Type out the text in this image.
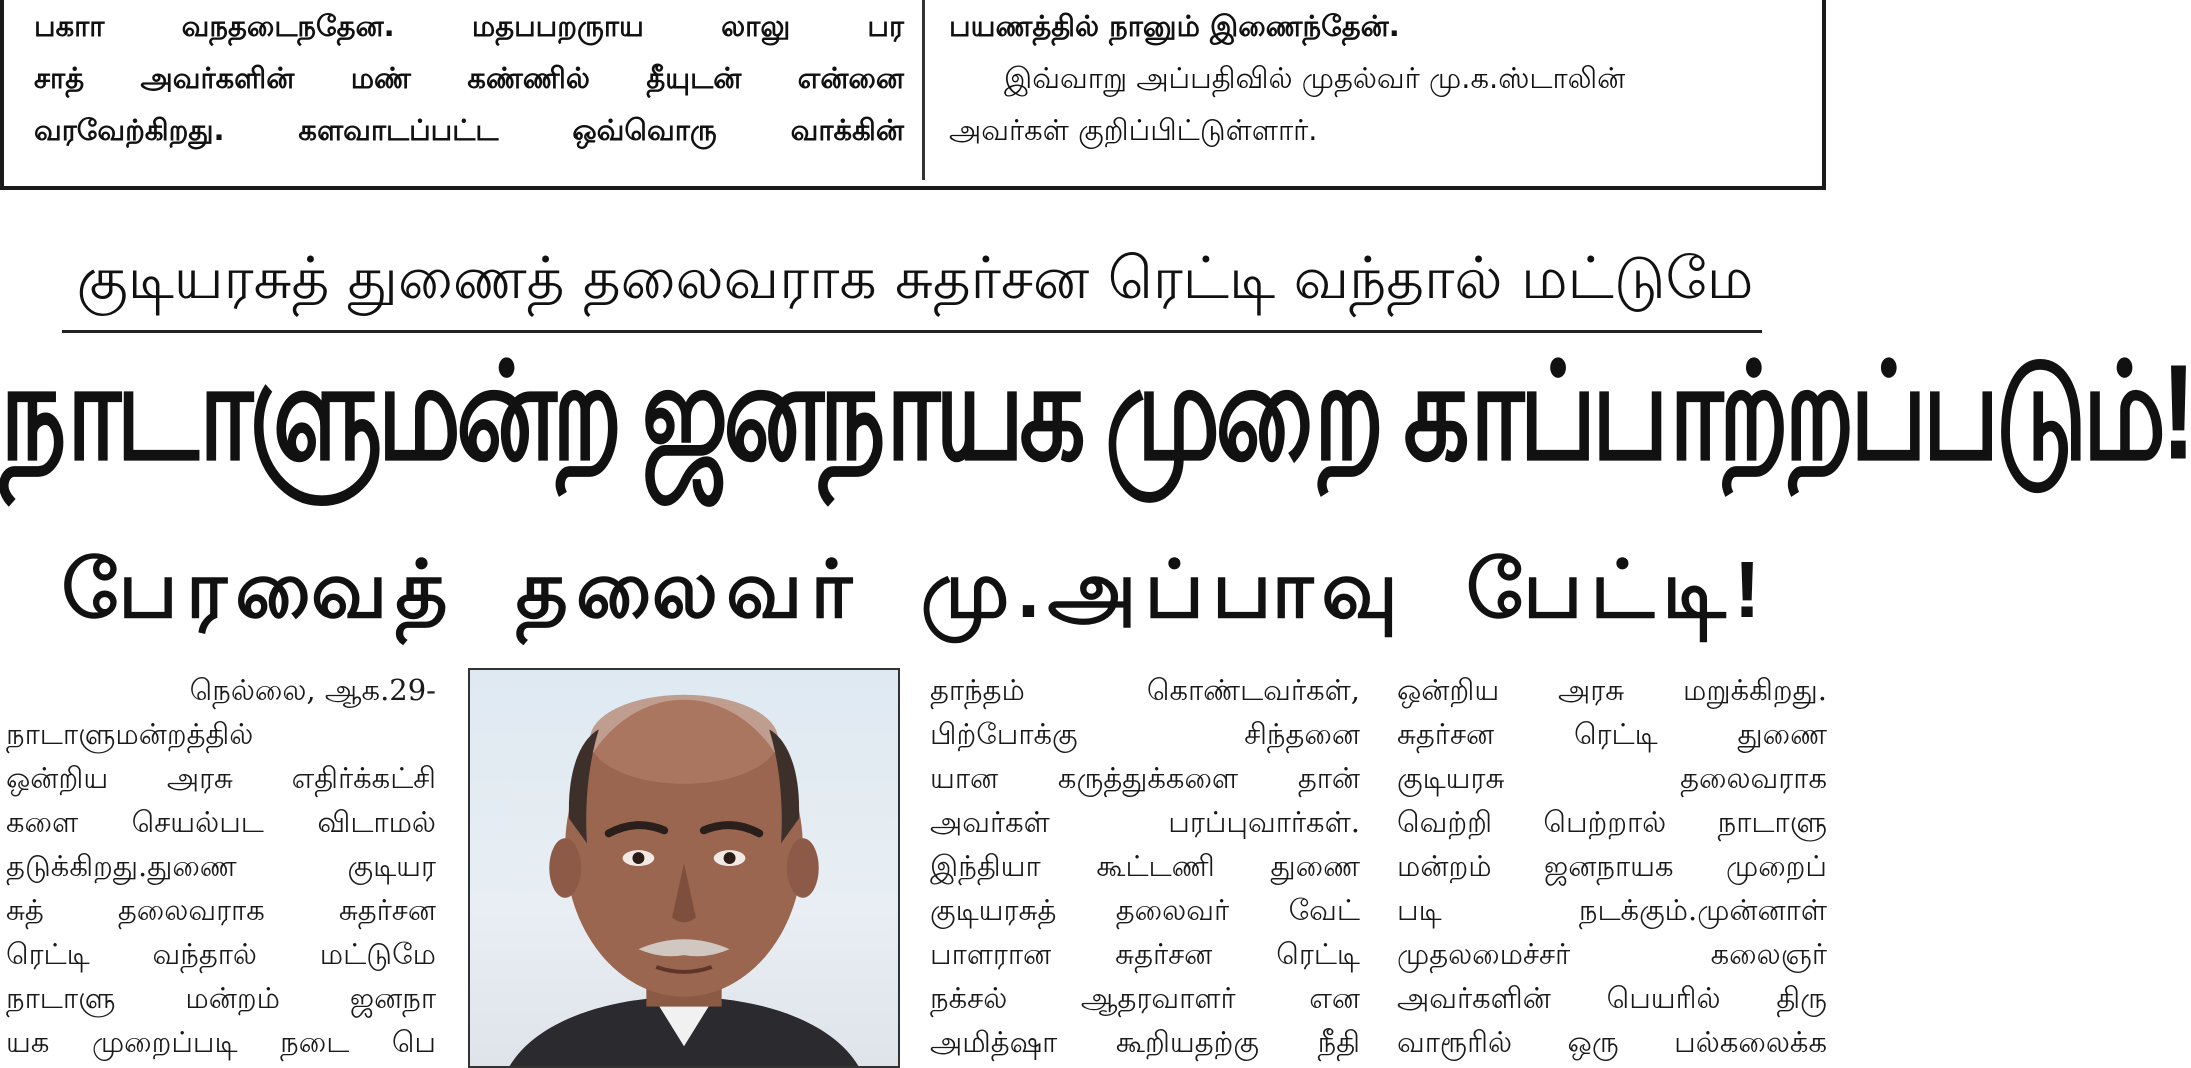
பகாா வநதடைநதேன. மதபபறருாய லாலு பர

சாத் அவர்களின் மண் கண்ணில் தீயுடன் என்னை

வரவேற்கிறது. களவாடப்பட்ட ஒவ்வொரு வாக்கின்

பயணத்தில் நானும் இணைந்தேன்.

இவ்வாறு அப்பதிவில் முதல்வர் மு.க.ஸ்டாலின்

அவர்கள் குறிப்பிட்டுள்ளார்.

குடியரசுத் துணைத் தலைவராக சுதர்சன ரெட்டி வந்தால் மட்டுமே
நாடாளுமன்ற ஜனநாயக முறை காப்பாற்றப்படும்!
பேரவைத் தலைவர் மு.அப்பாவு பேட்டி!

நெல்லை, ஆக.29-

நாடாளுமன்றத்தில்

ஒன்றிய அரசு எதிர்க்கட்சி

களை செயல்பட விடாமல்

தடுக்கிறது.துணை குடியர

சுத் தலைவராக சுதர்சன

ரெட்டி வந்தால் மட்டுமே

நாடாளு மன்றம் ஜனநா

யக முறைப்படி நடை பெ

தாந்தம் கொண்டவர்கள்,

பிற்போக்கு சிந்தனை

யான கருத்துக்களை தான்

அவர்கள் பரப்புவார்கள்.

இந்தியா கூட்டணி துணை

குடியரசுத் தலைவர் வேட்

பாளரான சுதர்சன ரெட்டி

நக்சல் ஆதரவாளர் என

அமித்ஷா கூறியதற்கு நீதி

ஒன்றிய அரசு மறுக்கிறது.

சுதர்சன ரெட்டி துணை

குடியரசு தலைவராக

வெற்றி பெற்றால் நாடாளு

மன்றம் ஜனநாயக முறைப்

படி நடக்கும்.முன்னாள்

முதலமைச்சர் கலைஞர்

அவர்களின் பெயரில் திரு

வாரூரில் ஒரு பல்கலைக்க
